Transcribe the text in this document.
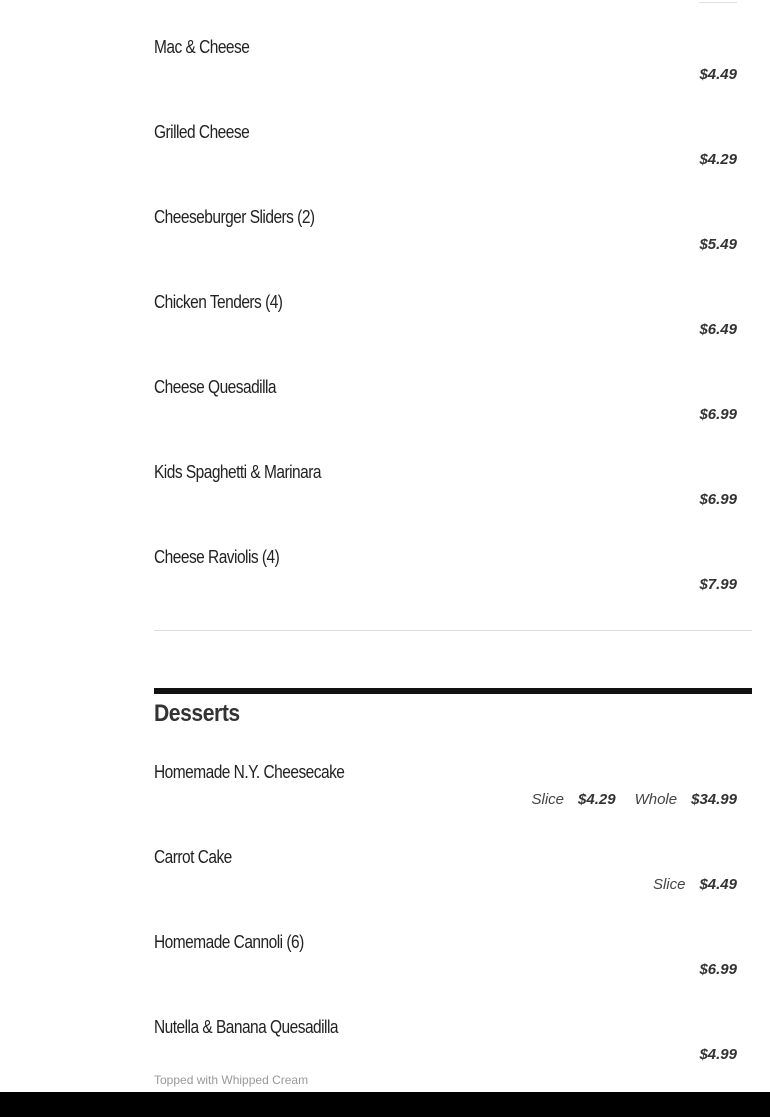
Mac & Cheese
$4.49
Grilled Cheese
$4.29
Cheeseburger Sliders (2)
$5.49
Chicken Tenders (4)
$6.49
Cheese Quesadilla
$6.99
Kids Spaghetti & Marinara
$6.99
Cheese Raviolis (4)
$7.99
Desserts
Homemade N.Y. Cheesecake
Slice $4.29 Whole $34.99
Carrot Cake
Slice $4.49
Homemade Cannoli (6)
$6.99
Nutella & Banana Quesadilla
$4.99
Topped with Whipped Cream
